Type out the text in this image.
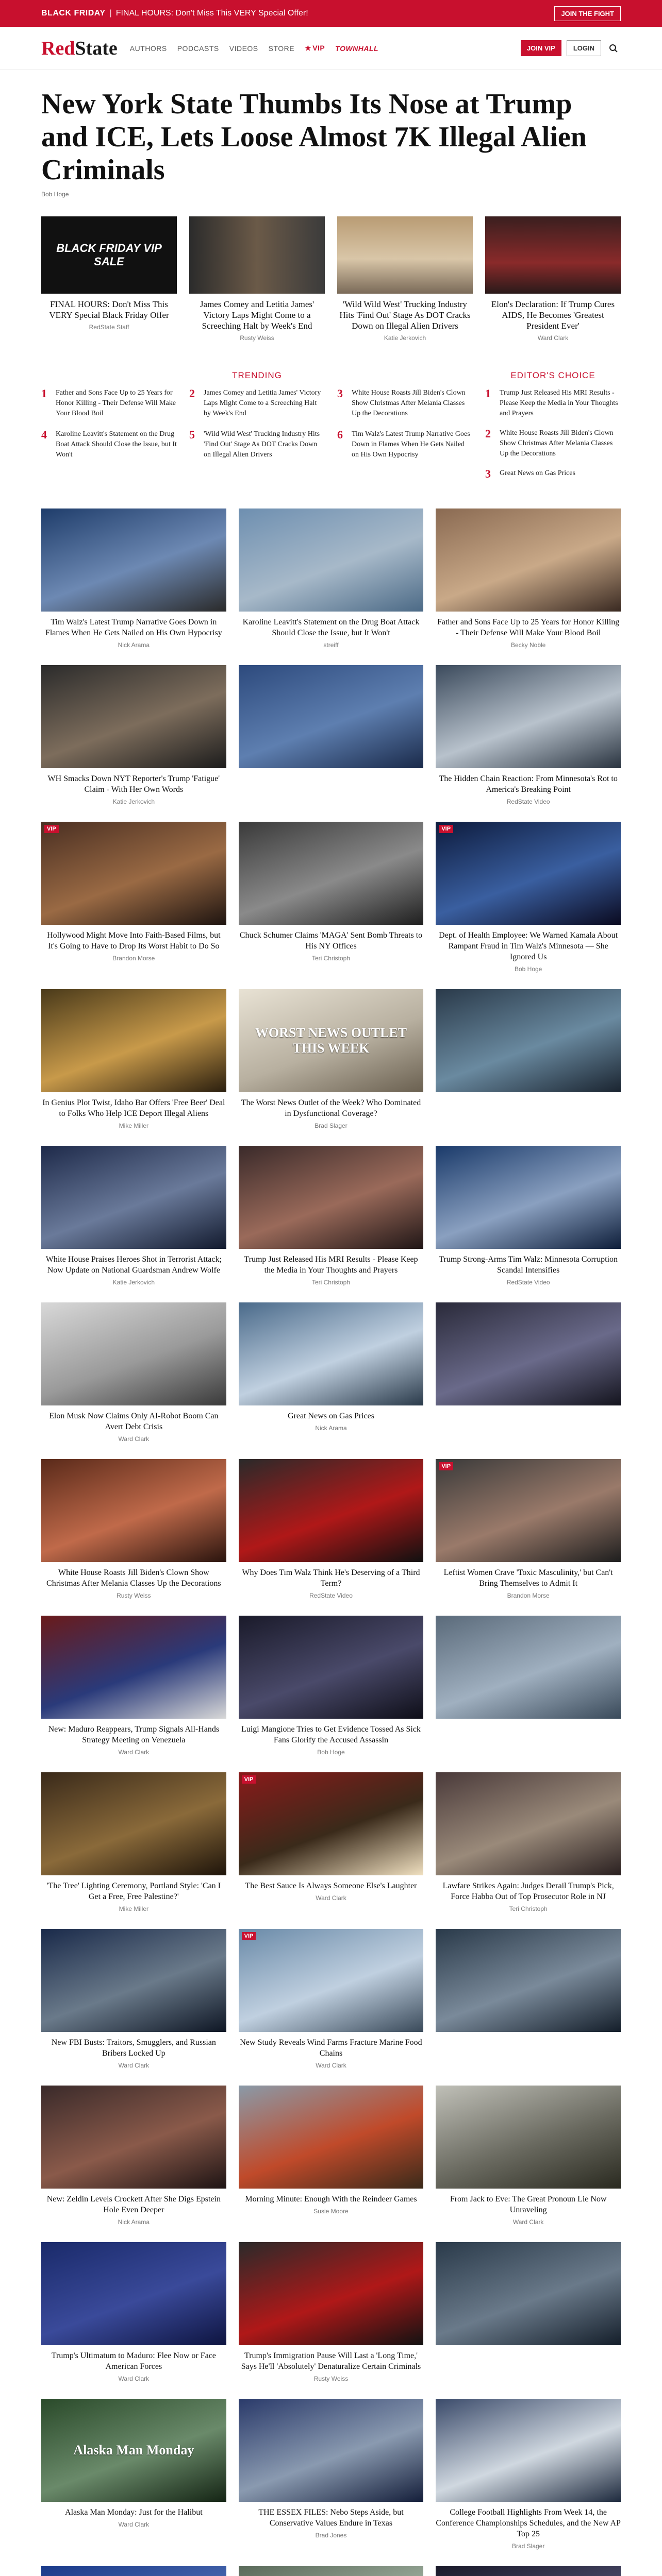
BLACK FRIDAY | FINAL HOURS: Don't Miss This VERY Special Offer!	JOIN THE FIGHT
RedState AUTHORS PODCASTS VIDEOS STORE ★ VIP TOWNHALL	JOIN VIP	LOGIN
New York State Thumbs Its Nose at Trump and ICE, Lets Loose Almost 7K Illegal Alien Criminals
Bob Hoge
BLACK FRIDAY VIP SALE
FINAL HOURS: Don't Miss This VERY Special Black Friday Offer
RedState Staff
James Comey and Letitia James' Victory Laps Might Come to a Screeching Halt by Week's End
Rusty Weiss
'Wild Wild West' Trucking Industry Hits 'Find Out' Stage As DOT Cracks Down on Illegal Alien Drivers
Katie Jerkovich
Elon's Declaration: If Trump Cures AIDS, He Becomes 'Greatest President Ever'
Ward Clark
TRENDING
1	Father and Sons Face Up to 25 Years for Honor Killing - Their Defense Will Make Your Blood Boil
2	James Comey and Letitia James' Victory Laps Might Come to a Screeching Halt by Week's End
3	White House Roasts Jill Biden's Clown Show Christmas After Melania Classes Up the Decorations
4	Karoline Leavitt's Statement on the Drug Boat Attack Should Close the Issue, but It Won't
5	'Wild Wild West' Trucking Industry Hits 'Find Out' Stage As DOT Cracks Down on Illegal Alien Drivers
6	Tim Walz's Latest Trump Narrative Goes Down in Flames When He Gets Nailed on His Own Hypocrisy
EDITOR'S CHOICE
1	Trump Just Released His MRI Results - Please Keep the Media in Your Thoughts and Prayers
2	White House Roasts Jill Biden's Clown Show Christmas After Melania Classes Up the Decorations
3	Great News on Gas Prices
Tim Walz's Latest Trump Narrative Goes Down in Flames When He Gets Nailed on His Own Hypocrisy
Nick Arama
Karoline Leavitt's Statement on the Drug Boat Attack Should Close the Issue, but It Won't
streiff
Father and Sons Face Up to 25 Years for Honor Killing - Their Defense Will Make Your Blood Boil
Becky Noble
WH Smacks Down NYT Reporter's Trump 'Fatigue' Claim - With Her Own Words
Katie Jerkovich
The Hidden Chain Reaction: From Minnesota's Rot to America's Breaking Point
RedState Video
VIP
Hollywood Might Move Into Faith-Based Films, but It's Going to Have to Drop Its Worst Habit to Do So
Brandon Morse
Chuck Schumer Claims 'MAGA' Sent Bomb Threats to His NY Offices
Teri Christoph
VIP
Dept. of Health Employee: We Warned Kamala About Rampant Fraud in Tim Walz's Minnesota — She Ignored Us
Bob Hoge
In Genius Plot Twist, Idaho Bar Offers 'Free Beer' Deal to Folks Who Help ICE Deport Illegal Aliens
Mike Miller
WORST NEWS OUTLET THIS WEEK
The Worst News Outlet of the Week? Who Dominated in Dysfunctional Coverage?
Brad Slager
White House Praises Heroes Shot in Terrorist Attack; Now Update on National Guardsman Andrew Wolfe
Katie Jerkovich
Trump Just Released His MRI Results - Please Keep the Media in Your Thoughts and Prayers
Teri Christoph
Trump Strong-Arms Tim Walz: Minnesota Corruption Scandal Intensifies
RedState Video
Elon Musk Now Claims Only AI-Robot Boom Can Avert Debt Crisis
Ward Clark
Great News on Gas Prices
Nick Arama
White House Roasts Jill Biden's Clown Show Christmas After Melania Classes Up the Decorations
Rusty Weiss
Why Does Tim Walz Think He's Deserving of a Third Term?
RedState Video
VIP
Leftist Women Crave 'Toxic Masculinity,' but Can't Bring Themselves to Admit It
Brandon Morse
New: Maduro Reappears, Trump Signals All-Hands Strategy Meeting on Venezuela
Ward Clark
Luigi Mangione Tries to Get Evidence Tossed As Sick Fans Glorify the Accused Assassin
Bob Hoge
'The Tree' Lighting Ceremony, Portland Style: 'Can I Get a Free, Free Palestine?'
Mike Miller
VIP
The Best Sauce Is Always Someone Else's Laughter
Ward Clark
Lawfare Strikes Again: Judges Derail Trump's Pick, Force Habba Out of Top Prosecutor Role in NJ
Teri Christoph
New FBI Busts: Traitors, Smugglers, and Russian Bribers Locked Up
Ward Clark
VIP
New Study Reveals Wind Farms Fracture Marine Food Chains
Ward Clark
New: Zeldin Levels Crockett After She Digs Epstein Hole Even Deeper
Nick Arama
Morning Minute: Enough With the Reindeer Games
Susie Moore
From Jack to Eve: The Great Pronoun Lie Now Unraveling
Ward Clark
Trump's Ultimatum to Maduro: Flee Now or Face American Forces
Ward Clark
Trump's Immigration Pause Will Last a 'Long Time,' Says He'll 'Absolutely' Denaturalize Certain Criminals
Rusty Weiss
Alaska Man Monday
Alaska Man Monday: Just for the Halibut
Ward Clark
THE ESSEX FILES: Nebo Steps Aside, but Conservative Values Endure in Texas
Brad Jones
College Football Highlights From Week 14, the Conference Championships Schedules, and the New AP Top 25
Brad Slager
